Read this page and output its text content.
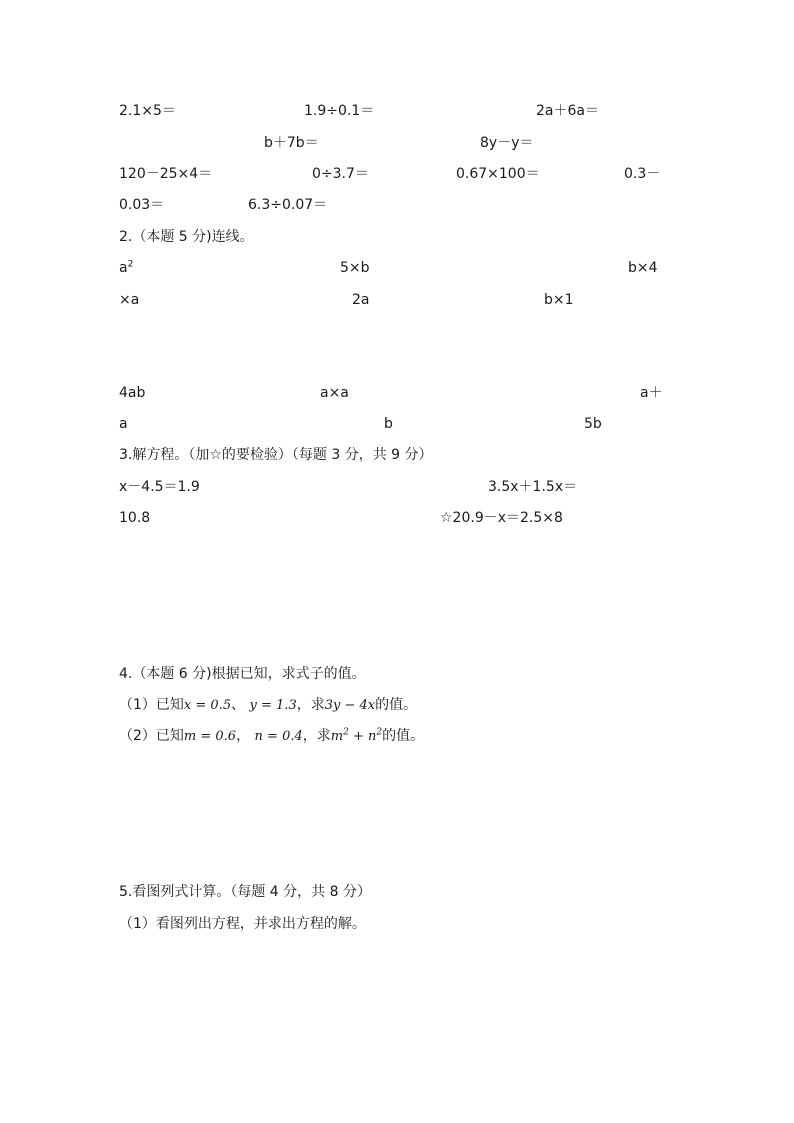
2.1×5＝	1.9÷0.1＝	2a＋6a＝
b＋7b＝	8y－y＝
120－25×4＝	0÷3.7＝	0.67×100＝	0.3－
0.03＝	6.3÷0.07＝
2.（本题 5 分)连线。
$a^2$	5×b	b×4
×a	2a	b×1
4ab	a×a	a＋
a	b	5b
3.解方程。（加☆的要检验）（每题 3 分，共 9 分）
x－4.5＝1.9	3.5x＋1.5x＝
10.8	☆20.9－x＝2.5×8
4.（本题 6 分)根据已知，求式子的值。
（1）已知x = 0.5、 y = 1.3，求3y − 4x的值。
（2）已知m = 0.6， n = 0.4，求$m^2 + n^2$的值。
5.看图列式计算。（每题 4 分，共 8 分）
（1）看图列出方程，并求出方程的解。
